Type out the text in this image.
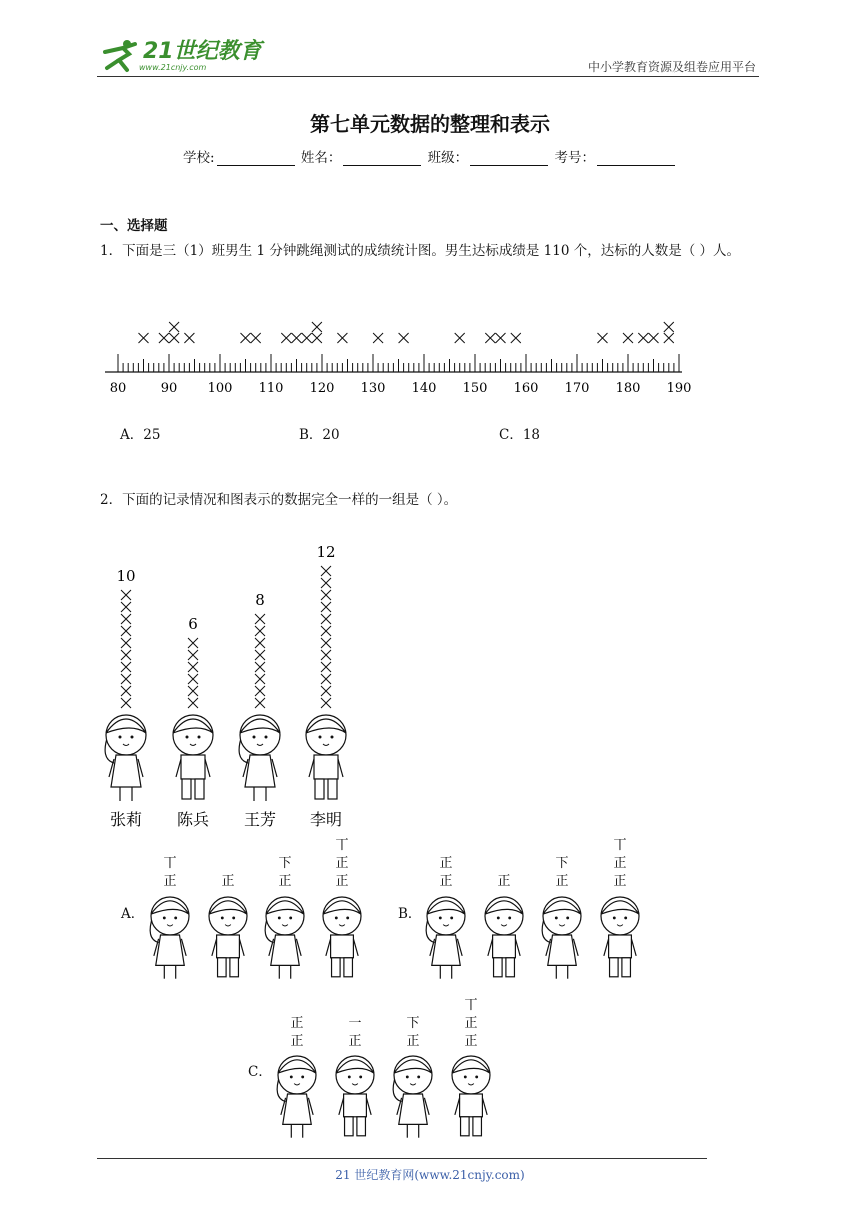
21世纪教育
www.21cnjy.com	中小学教育资源及组卷应用平台
第七单元数据的整理和表示
学校:	姓名：	班级：	考号：
一、选择题
1．下面是三（1）班男生 1 分钟跳绳测试的成绩统计图。男生达标成绩是 110 个，达标的人数是（ ）人。
80	90 100 110 120 130 140 150 160 170 180 190
A．25	B．20	C．18
2．下面的记录情况和图表示的数据完全一样的一组是（ ）。
10
张莉
6
陈兵
8
王芳
12
李明
A．	B．
C．
丅
正	正
下
正
丅
正
正
正
正	正
下
正
丅
正
正
正
正
一
正
下
正
丅
正
正
21 世纪教育网(www.21cnjy.com)
